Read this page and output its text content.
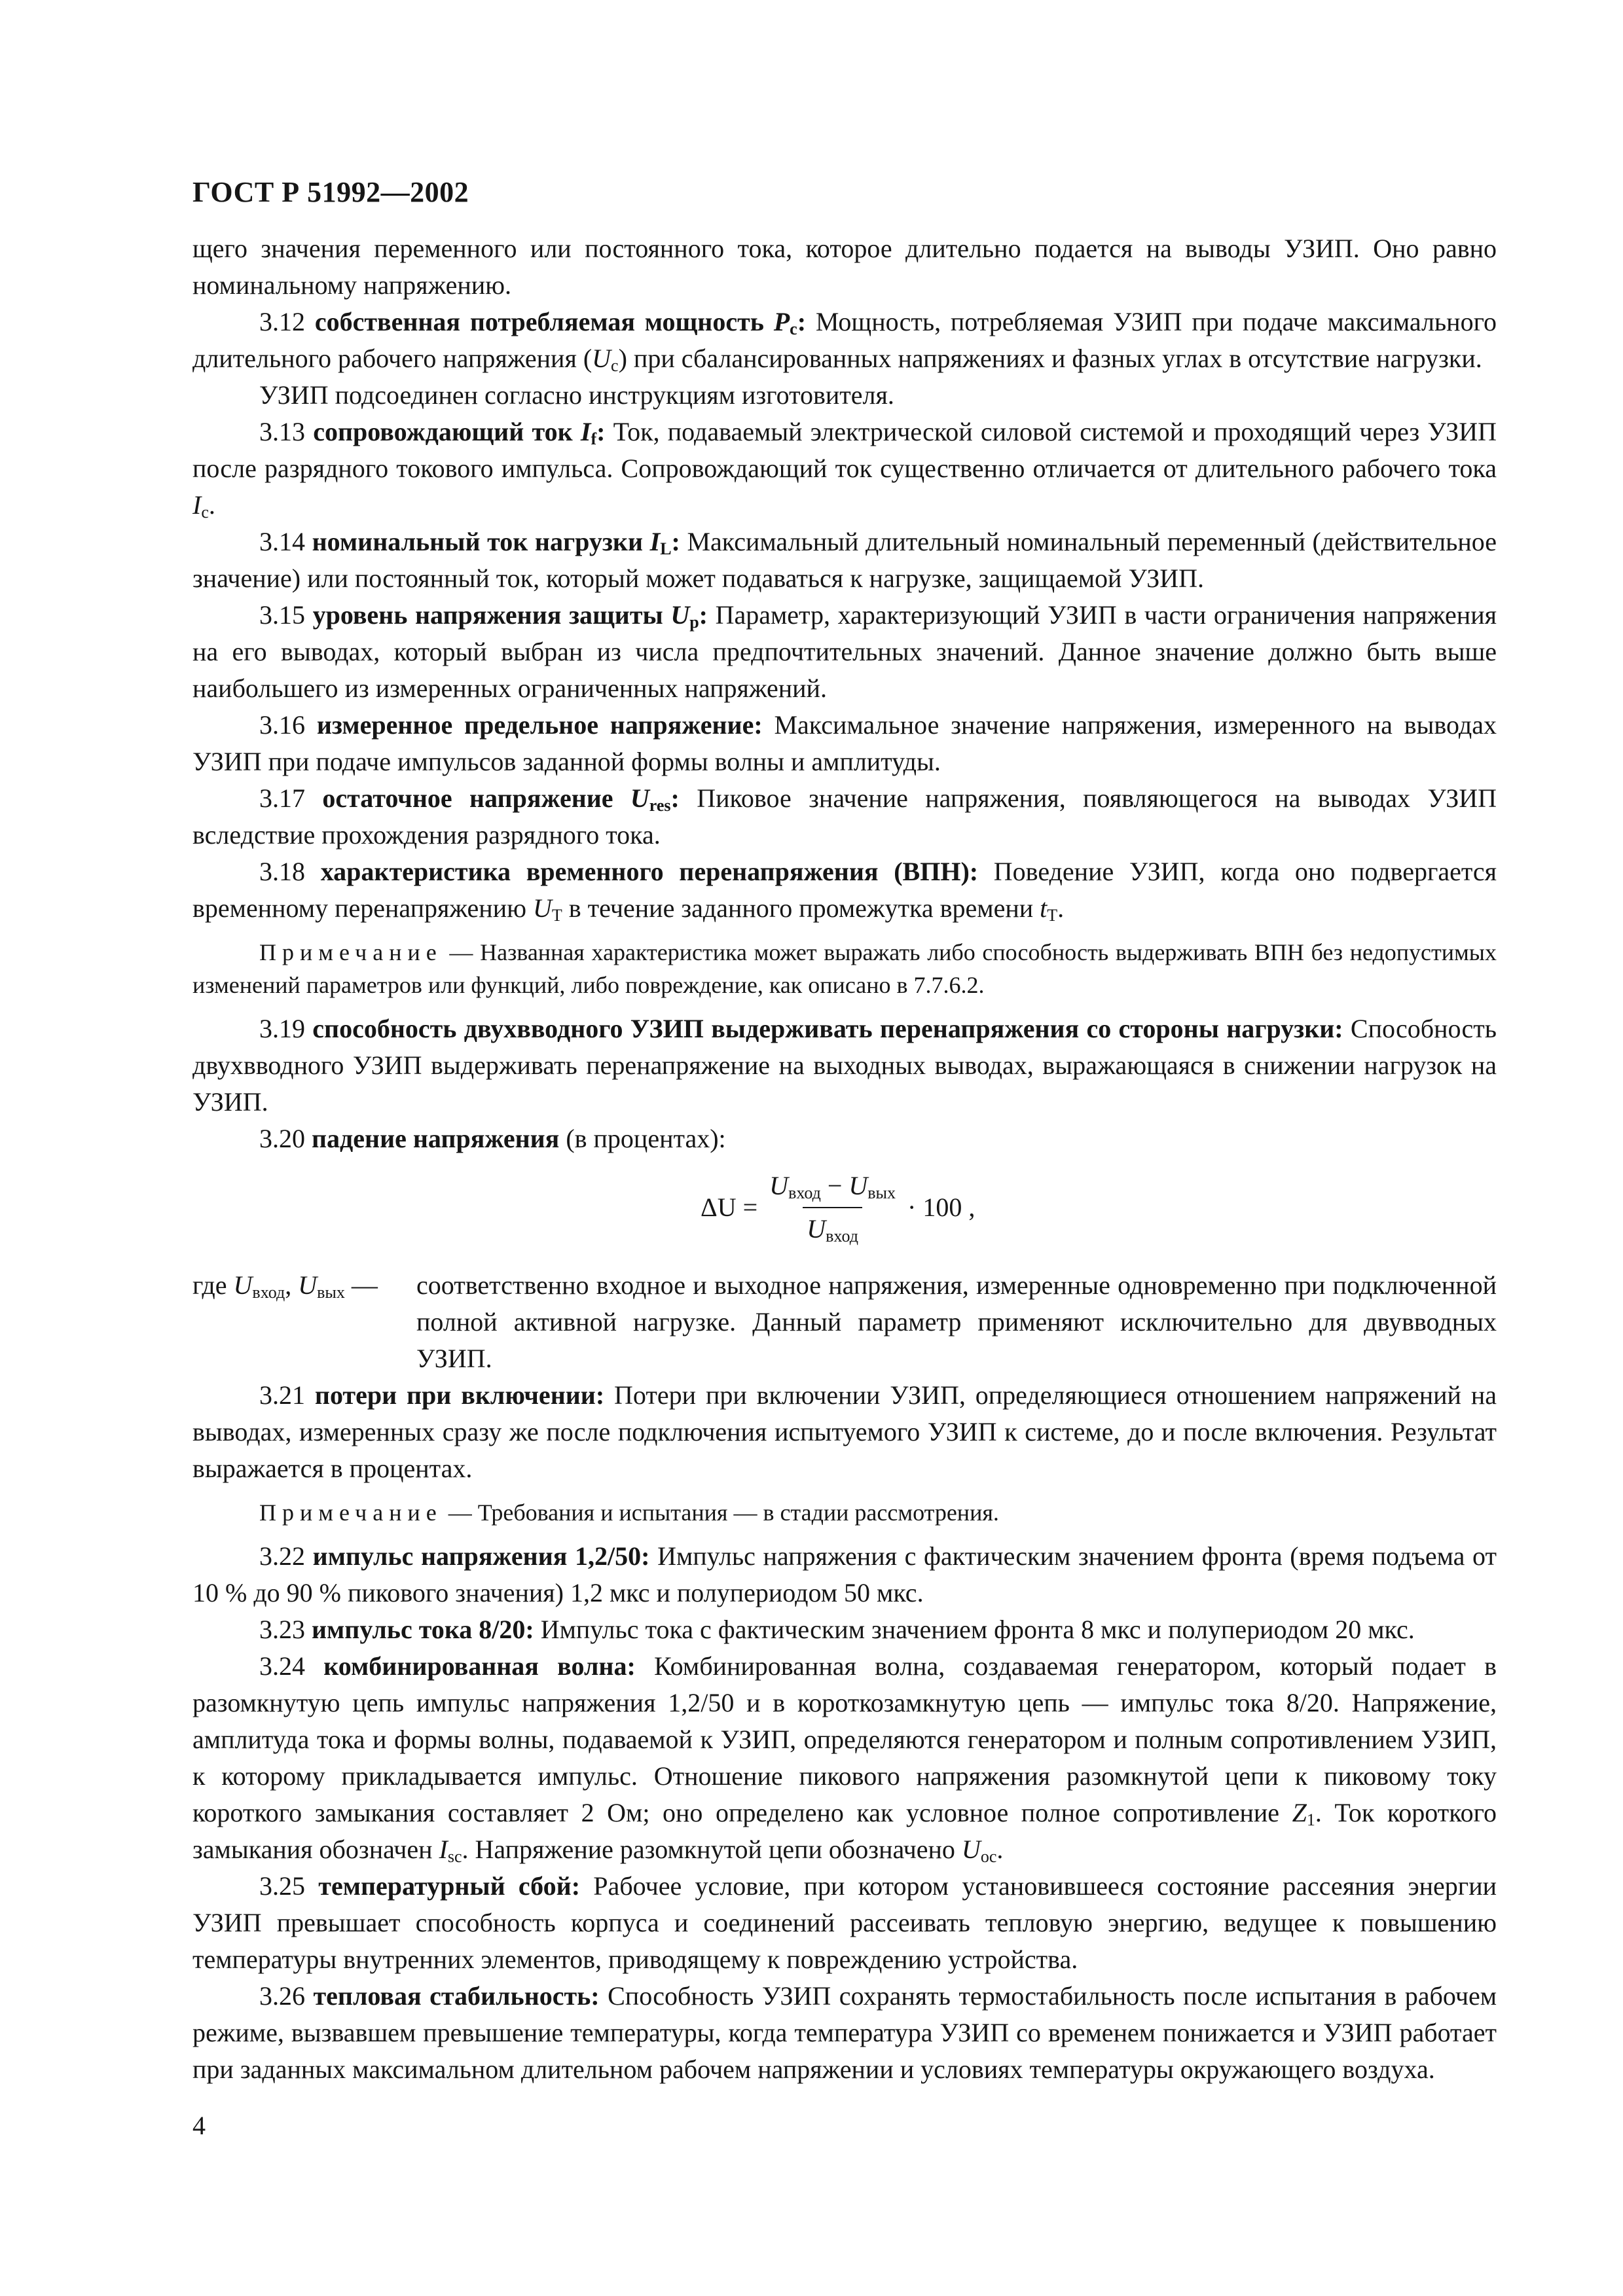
ГОСТ Р 51992—2002

щего значения переменного или постоянного тока, которое длительно подается на выводы УЗИП. Оно равно номинальному напряжению.

3.12 собственная потребляемая мощность $P_c$: Мощность, потребляемая УЗИП при подаче максимального длительного рабочего напряжения $(U_c)$ при сбалансированных напряжениях и фазных углах в отсутствие нагрузки.

УЗИП подсоединен согласно инструкциям изготовителя.

3.13 сопровождающий ток $I_f$: Ток, подаваемый электрической силовой системой и проходящий через УЗИП после разрядного токового импульса. Сопровождающий ток существенно отличается от длительного рабочего тока $I_c$.

3.14 номинальный ток нагрузки $I_L$: Максимальный длительный номинальный переменный (действительное значение) или постоянный ток, который может подаваться к нагрузке, защищаемой УЗИП.

3.15 уровень напряжения защиты $U_p$: Параметр, характеризующий УЗИП в части ограничения напряжения на его выводах, который выбран из числа предпочтительных значений. Данное значение должно быть выше наибольшего из измеренных ограниченных напряжений.

3.16 измеренное предельное напряжение: Максимальное значение напряжения, измеренного на выводах УЗИП при подаче импульсов заданной формы волны и амплитуды.

3.17 остаточное напряжение $U_{res}$: Пиковое значение напряжения, появляющегося на выводах УЗИП вследствие прохождения разрядного тока.

3.18 характеристика временного перенапряжения (ВПН): Поведение УЗИП, когда оно подвергается временному перенапряжению $U_T$ в течение заданного промежутка времени $t_T$.

Примечание — Названная характеристика может выражать либо способность выдерживать ВПН без недопустимых изменений параметров или функций, либо повреждение, как описано в 7.7.6.2.

3.19 способность двухвводного УЗИП выдерживать перенапряжения со стороны нагрузки: Способность двухвводного УЗИП выдерживать перенапряжение на выходных выводах, выражающаяся в снижении нагрузок на УЗИП.

3.20 падение напряжения (в процентах):

$\Delta U = \frac{U_{вход} - U_{вых}}{U_{вход}} \cdot 100$ ,
где $U_{вход}$, $U_{вых}$ —	соответственно входное и выходное напряжения, измеренные одновременно при подключенной полной активной нагрузке. Данный параметр применяют исключительно для двувводных УЗИП.

3.21 потери при включении: Потери при включении УЗИП, определяющиеся отношением напряжений на выводах, измеренных сразу же после подключения испытуемого УЗИП к системе, до и после включения. Результат выражается в процентах.

Примечание — Требования и испытания — в стадии рассмотрения.

3.22 импульс напряжения 1,2/50: Импульс напряжения с фактическим значением фронта (время подъема от 10 % до 90 % пикового значения) 1,2 мкс и полупериодом 50 мкс.

3.23 импульс тока 8/20: Импульс тока с фактическим значением фронта 8 мкс и полупериодом 20 мкс.

3.24 комбинированная волна: Комбинированная волна, создаваемая генератором, который подает в разомкнутую цепь импульс напряжения 1,2/50 и в короткозамкнутую цепь — импульс тока 8/20. Напряжение, амплитуда тока и формы волны, подаваемой к УЗИП, определяются генератором и полным сопротивлением УЗИП, к которому прикладывается импульс. Отношение пикового напряжения разомкнутой цепи к пиковому току короткого замыкания составляет 2 Ом; оно определено как условное полное сопротивление $Z_1$. Ток короткого замыкания обозначен $I_{sc}$. Напряжение разомкнутой цепи обозначено $U_{oc}$.

3.25 температурный сбой: Рабочее условие, при котором установившееся состояние рассеяния энергии УЗИП превышает способность корпуса и соединений рассеивать тепловую энергию, ведущее к повышению температуры внутренних элементов, приводящему к повреждению устройства.

3.26 тепловая стабильность: Способность УЗИП сохранять термостабильность после испытания в рабочем режиме, вызвавшем превышение температуры, когда температура УЗИП со временем понижается и УЗИП работает при заданных максимальном длительном рабочем напряжении и условиях температуры окружающего воздуха.

4
